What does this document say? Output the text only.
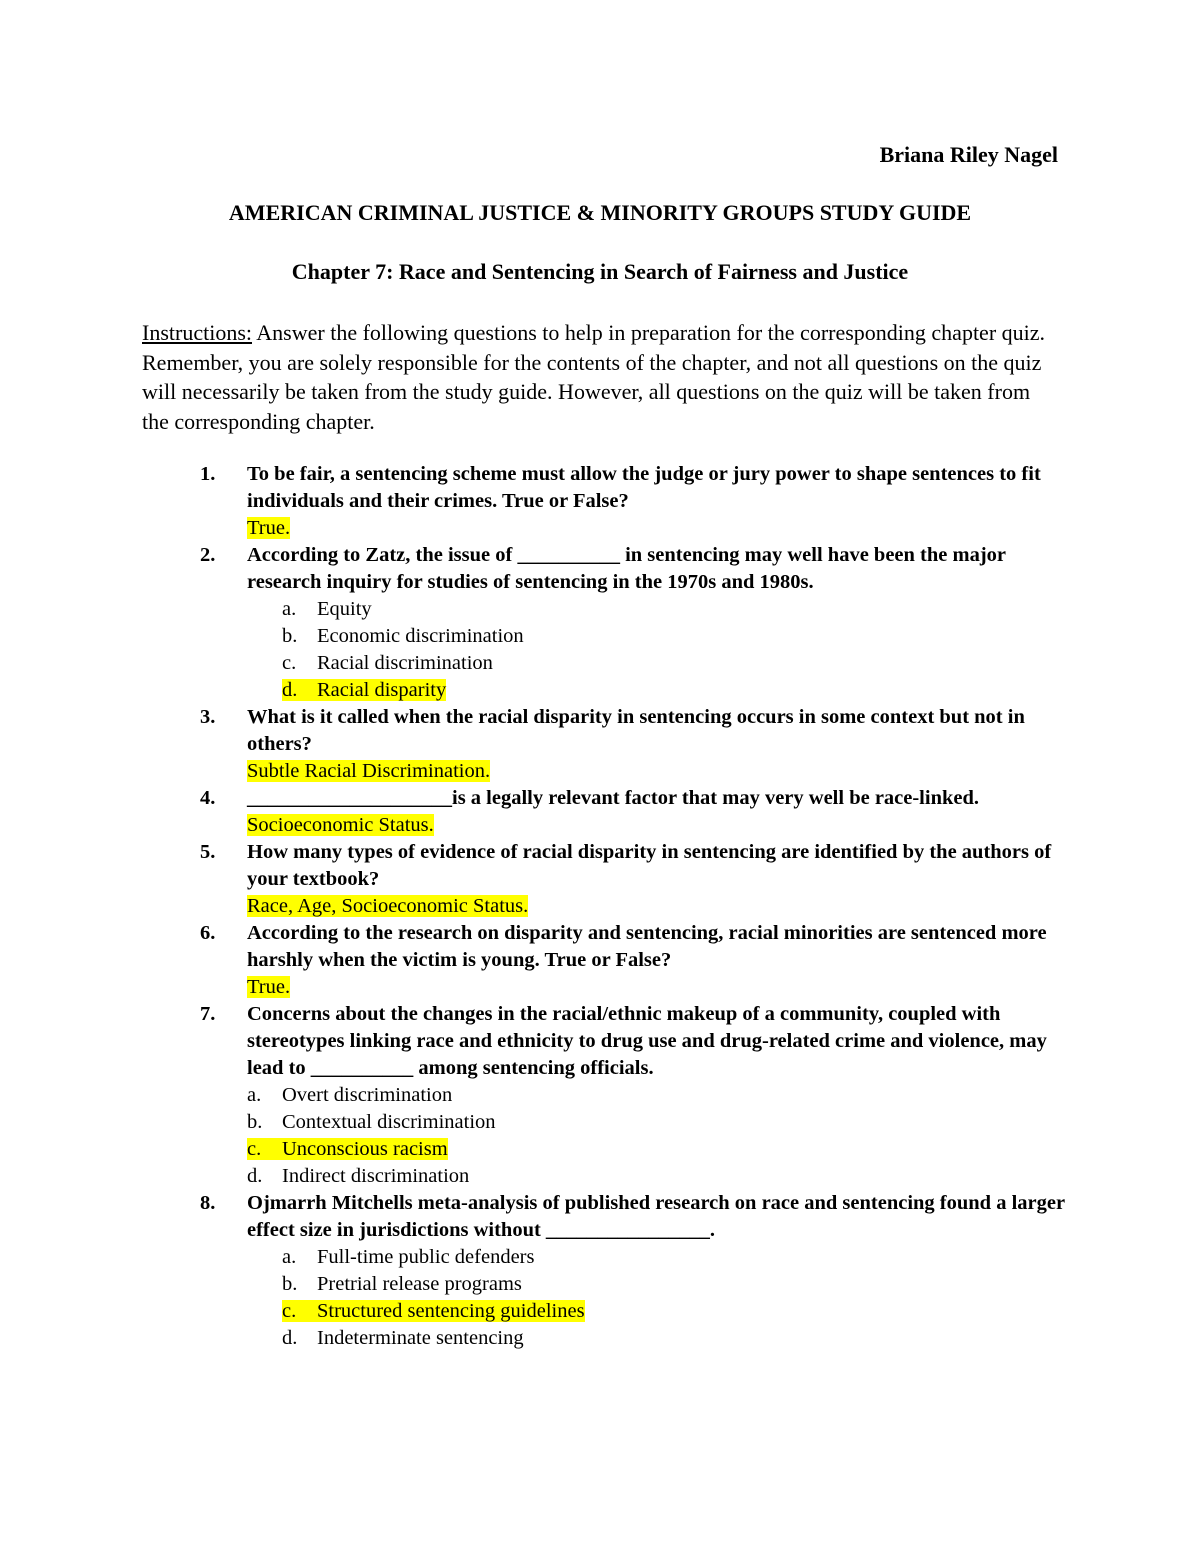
Briana Riley Nagel
AMERICAN CRIMINAL JUSTICE & MINORITY GROUPS STUDY GUIDE
Chapter 7: Race and Sentencing in Search of Fairness and Justice
Instructions: Answer the following questions to help in preparation for the corresponding chapter quiz. Remember, you are solely responsible for the contents of the chapter, and not all questions on the quiz will necessarily be taken from the study guide. However, all questions on the quiz will be taken from the corresponding chapter.
1.	To be fair, a sentencing scheme must allow the judge or jury power to shape sentences to fit individuals and their crimes. True or False?
True.
2.	According to Zatz, the issue of __________ in sentencing may well have been the major research inquiry for studies of sentencing in the 1970s and 1980s.
a. Equity
b. Economic discrimination
c. Racial discrimination
d. Racial disparity
3.	What is it called when the racial disparity in sentencing occurs in some context but not in others?
Subtle Racial Discrimination.
4.	____________________is a legally relevant factor that may very well be race-linked.
Socioeconomic Status.
5.	How many types of evidence of racial disparity in sentencing are identified by the authors of your textbook?
Race, Age, Socioeconomic Status.
6.	According to the research on disparity and sentencing, racial minorities are sentenced more harshly when the victim is young. True or False?
True.
7.	Concerns about the changes in the racial/ethnic makeup of a community, coupled with stereotypes linking race and ethnicity to drug use and drug-related crime and violence, may lead to __________ among sentencing officials.
a. Overt discrimination
b. Contextual discrimination
c. Unconscious racism
d. Indirect discrimination
8.	Ojmarrh Mitchells meta-analysis of published research on race and sentencing found a larger effect size in jurisdictions without ________________.
a. Full-time public defenders
b. Pretrial release programs
c. Structured sentencing guidelines
d. Indeterminate sentencing
